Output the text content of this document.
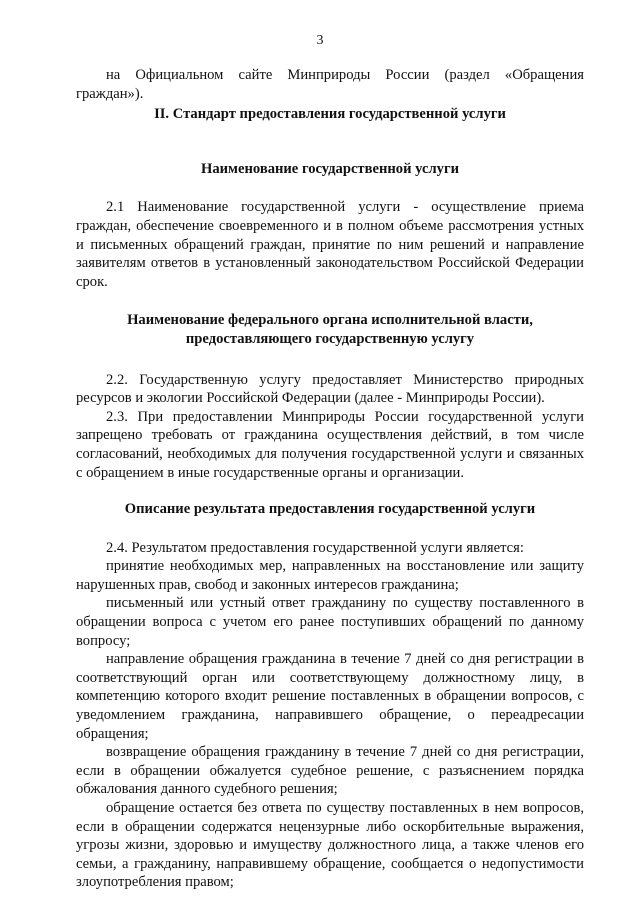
3

на Официальном сайте Минприроды России (раздел «Обращения граждан»).

II. Стандарт предоставления государственной услуги
Наименование государственной услуги

2.1 Наименование государственной услуги - осуществление приема граждан, обеспечение своевременного и в полном объеме рассмотрения устных и письменных обращений граждан, принятие по ним решений и направление заявителям ответов в установленный законодательством Российской Федерации срок.

Наименование федерального органа исполнительной власти,
предоставляющего государственную услугу

2.2. Государственную услугу предоставляет Министерство природных ресурсов и экологии Российской Федерации (далее - Минприроды России).

2.3. При предоставлении Минприроды России государственной услуги запрещено требовать от гражданина осуществления действий, в том числе согласований, необходимых для получения государственной услуги и связанных с обращением в иные государственные органы и организации.

Описание результата предоставления государственной услуги

2.4. Результатом предоставления государственной услуги является:

принятие необходимых мер, направленных на восстановление или защиту нарушенных прав, свобод и законных интересов гражданина;

письменный или устный ответ гражданину по существу поставленного в обращении вопроса с учетом его ранее поступивших обращений по данному вопросу;

направление обращения гражданина в течение 7 дней со дня регистрации в соответствующий орган или соответствующему должностному лицу, в компетенцию которого входит решение поставленных в обращении вопросов, с уведомлением гражданина, направившего обращение, о переадресации обращения;

возвращение обращения гражданину в течение 7 дней со дня регистрации, если в обращении обжалуется судебное решение, с разъяснением порядка обжалования данного судебного решения;

обращение остается без ответа по существу поставленных в нем вопросов, если в обращении содержатся нецензурные либо оскорбительные выражения, угрозы жизни, здоровью и имуществу должностного лица, а также членов его семьи, а гражданину, направившему обращение, сообщается о недопустимости злоупотребления правом;
